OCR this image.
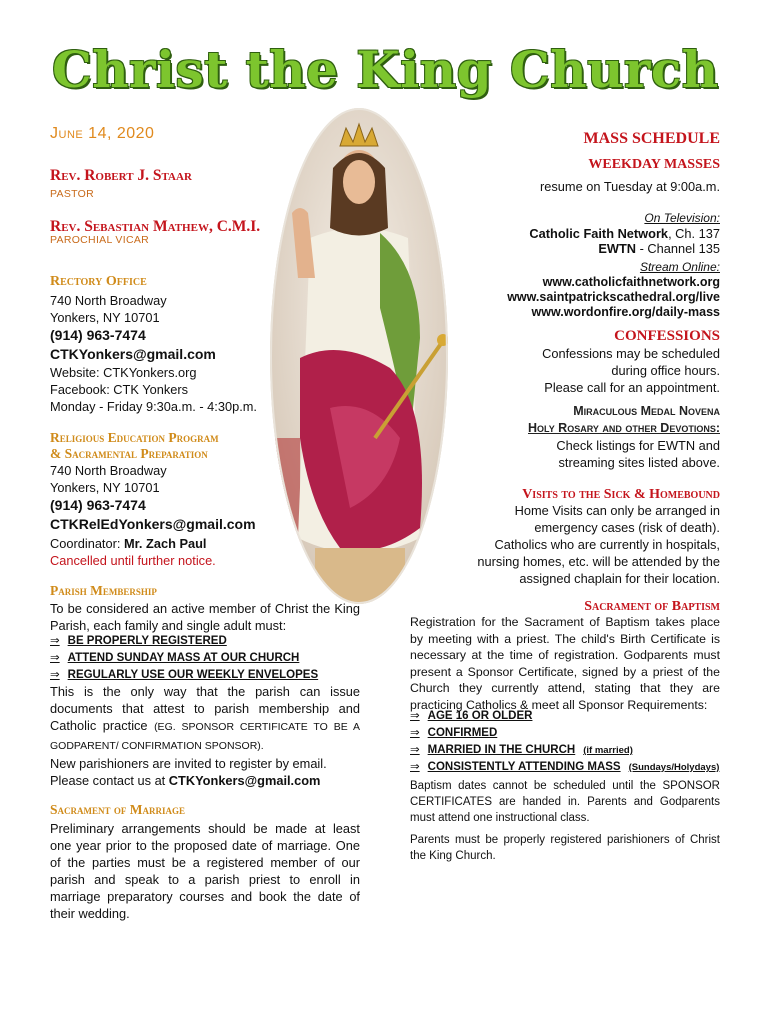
Christ the King Church
June 14, 2020
Rev. Robert J. Staar
PASTOR
Rev. Sebastian Mathew, C.M.I.
PAROCHIAL VICAR
Rectory Office
740 North Broadway
Yonkers, NY 10701
(914) 963-7474
CTKYonkers@gmail.com
Website: CTKYonkers.org
Facebook: CTK Yonkers
Monday - Friday 9:30a.m. - 4:30p.m.
Religious Education Program
& Sacramental Preparation
740 North Broadway
Yonkers, NY 10701
(914) 963-7474
CTKRelEdYonkers@gmail.com
Coordinator: Mr. Zach Paul
Cancelled until further notice.
Parish Membership
To be considered an active member of Christ the King Parish, each family and single adult must:
⇒ BE PROPERLY REGISTERED
⇒ ATTEND SUNDAY MASS AT OUR CHURCH
⇒ REGULARLY USE OUR WEEKLY ENVELOPES
This is the only way that the parish can issue documents that attest to parish membership and Catholic practice (EG. SPONSOR CERTIFICATE TO BE A GODPARENT/ CONFIRMATION SPONSOR).
New parishioners are invited to register by email. Please contact us at CTKYonkers@gmail.com
Sacrament of Marriage
Preliminary arrangements should be made at least one year prior to the proposed date of marriage. One of the parties must be a registered member of our parish and speak to a parish priest to enroll in marriage preparatory courses and book the date of their wedding.
MASS SCHEDULE
WEEKDAY MASSES
resume on Tuesday at 9:00a.m.
On Television:
Catholic Faith Network, Ch. 137
EWTN - Channel 135
Stream Online:
www.catholicfaithnetwork.org
www.saintpatrickscathedral.org/live
www.wordonfire.org/daily-mass
CONFESSIONS
Confessions may be scheduled
during office hours.
Please call for an appointment.
Miraculous Medal Novena
Holy Rosary and other Devotions:
Check listings for EWTN and
streaming sites listed above.
Visits to the Sick & Homebound
Home Visits can only be arranged in
emergency cases (risk of death).
Catholics who are currently in hospitals,
nursing homes, etc. will be attended by the
assigned chaplain for their location.
Sacrament of Baptism
Registration for the Sacrament of Baptism takes place by meeting with a priest. The child's Birth Certificate is necessary at the time of registration. Godparents must present a Sponsor Certificate, signed by a priest of the Church they currently attend, stating that they are practicing Catholics & meet all Sponsor Requirements:
⇒ AGE 16 OR OLDER
⇒ CONFIRMED
⇒ MARRIED IN THE CHURCH (if married)
⇒ CONSISTENTLY ATTENDING MASS (Sundays/Holydays)
Baptism dates cannot be scheduled until the SPONSOR CERTIFICATES are handed in. Parents and Godparents must attend one instructional class.
Parents must be properly registered parishioners of Christ the King Church.
